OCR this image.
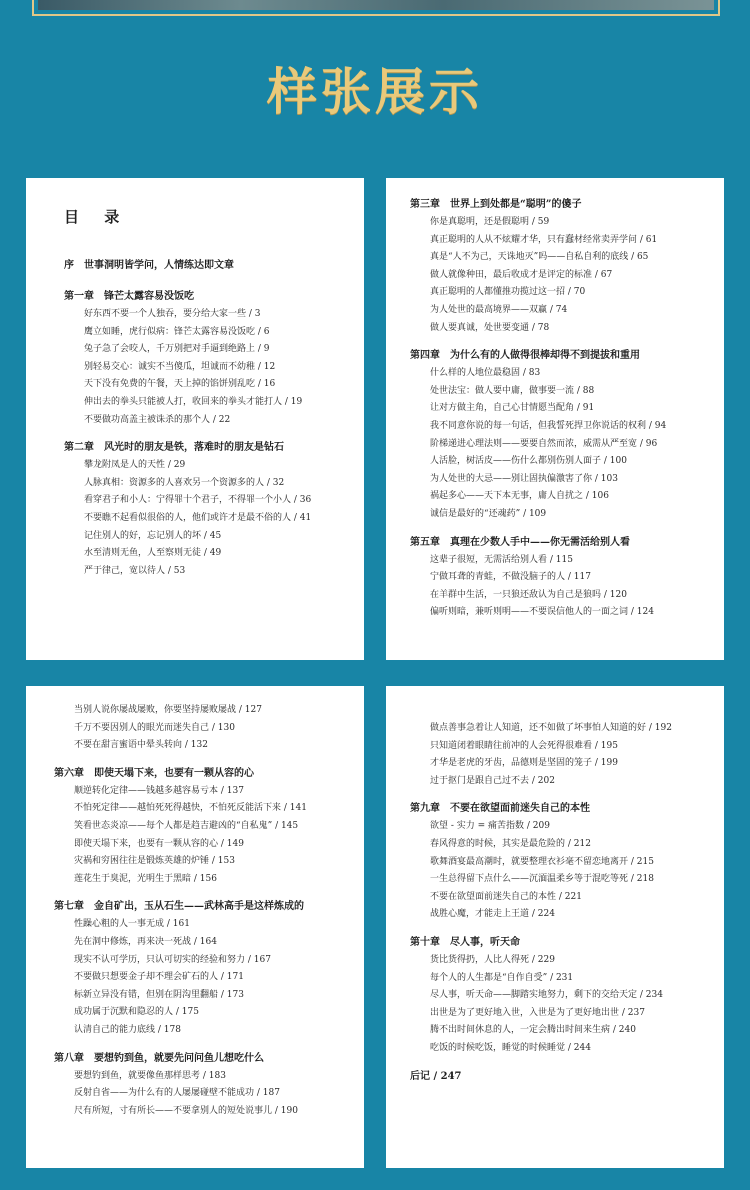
样张展示
目 录
序　世事洞明皆学问，人情练达即文章
第一章　锋芒太露容易没饭吃
好东西不要一个人独吞，要分给大家一些 / 3
鹰立如睡，虎行似病：锋芒太露容易没饭吃 / 6
兔子急了会咬人，千万别把对手逼到绝路上 / 9
别轻易交心：诚实不当傻瓜，坦诚而不幼稚 / 12
天下没有免费的午餐，天上掉的馅饼别乱吃 / 16
伸出去的拳头只能被人打，收回来的拳头才能打人 / 19
不要做功高盖主被诛杀的那个人 / 22
第二章　风光时的朋友是铁，落难时的朋友是钻石
攀龙附凤是人的天性 / 29
人脉真相：资源多的人喜欢另一个资源多的人 / 32
看穿君子和小人：宁得罪十个君子，不得罪一个小人 / 36
不要瞧不起看似很俗的人，他们或许才是最不俗的人 / 41
记住别人的好，忘记别人的坏 / 45
水至清则无鱼，人至察则无徒 / 49
严于律己，宽以待人 / 53
第三章　世界上到处都是“聪明”的傻子
你是真聪明，还是假聪明 / 59
真正聪明的人从不炫耀才华，只有蠢材经常卖弄学问 / 61
真是“人不为己，天诛地灭”吗——自私自利的底线 / 65
做人就像种田，最后收成才是评定的标准 / 67
真正聪明的人都懂推功揽过这一招 / 70
为人处世的最高境界——双赢 / 74
做人要真诚，处世要变通 / 78
第四章　为什么有的人做得很棒却得不到提拔和重用
什么样的人地位最稳固 / 83
处世法宝：做人要中庸，做事要一流 / 88
让对方做主角，自己心甘情愿当配角 / 91
我不同意你说的每一句话，但我誓死捍卫你说话的权利 / 94
阶梯递进心理法则——要要自然而浓，威需从严至宽 / 96
人活脸，树活皮——伤什么都别伤别人面子 / 100
为人处世的大忌——别让固执偏激害了你 / 103
祸起多心——天下本无事，庸人自扰之 / 106
诚信是最好的“还魂药” / 109
第五章　真理在少数人手中——你无需活给别人看
这辈子很短，无需活给别人看 / 115
宁做耳聋的青蛙，不做没脑子的人 / 117
在羊群中生活，一只狼还敌认为自己是狼吗 / 120
偏听则暗，兼听则明——不要误信他人的一面之词 / 124
当别人说你屡战屡败，你要坚持屡败屡战 / 127
千万不要因别人的眼光而迷失自己 / 130
不要在甜言蜜语中晕头转向 / 132
第六章　即使天塌下来，也要有一颗从容的心
顺逆转化定律——钱越多越容易亏本 / 137
不怕死定律——越怕死死得越快，不怕死反能活下来 / 141
笑看世态炎凉——每个人都是趋吉避凶的“自私鬼” / 145
即使天塌下来，也要有一颗从容的心 / 149
灾祸和穷困往往是锻炼英雄的炉锤 / 153
莲花生于臭泥，光明生于黑暗 / 156
第七章　金自矿出，玉从石生——武林高手是这样炼成的
性躁心粗的人一事无成 / 161
先在洞中修炼，再来决一死战 / 164
现实不认可学历，只认可切实的经验和努力 / 167
不要做只想要金子却不理会矿石的人 / 171
标新立异没有错，但别在阴沟里翻船 / 173
成功属于沉默和隐忍的人 / 175
认清自己的能力底线 / 178
第八章　要想钓到鱼，就要先问问鱼儿想吃什么
要想钓到鱼，就要像鱼那样思考 / 183
反射自省——为什么有的人屡屡碰壁不能成功 / 187
尺有所短，寸有所长——不要拿别人的短处说事儿 / 190
做点善事急着让人知道，还不如做了坏事怕人知道的好 / 192
只知道闭着眼睛往前冲的人会死得很难看 / 195
才华是老虎的牙齿，品德则是坚固的笼子 / 199
过于抠门是跟自己过不去 / 202
第九章　不要在欲望面前迷失自己的本性
欲望 - 实力 = 痛苦指数 / 209
春风得意的时候，其实是最危险的 / 212
歌舞酒宴最高潮时，就要整理衣衫毫不留恋地离开 / 215
一生总得留下点什么——沉湎温柔乡等于混吃等死 / 218
不要在欲望面前迷失自己的本性 / 221
战胜心魔，才能走上王道 / 224
第十章　尽人事，听天命
货比货得扔，人比人得死 / 229
每个人的人生都是“自作自受” / 231
尽人事，听天命——脚踏实地努力，剩下的交给天定 / 234
出世是为了更好地入世，入世是为了更好地出世 / 237
腾不出时间休息的人，一定会腾出时间来生病 / 240
吃饭的时候吃饭，睡觉的时候睡觉 / 244
后记 / 247
